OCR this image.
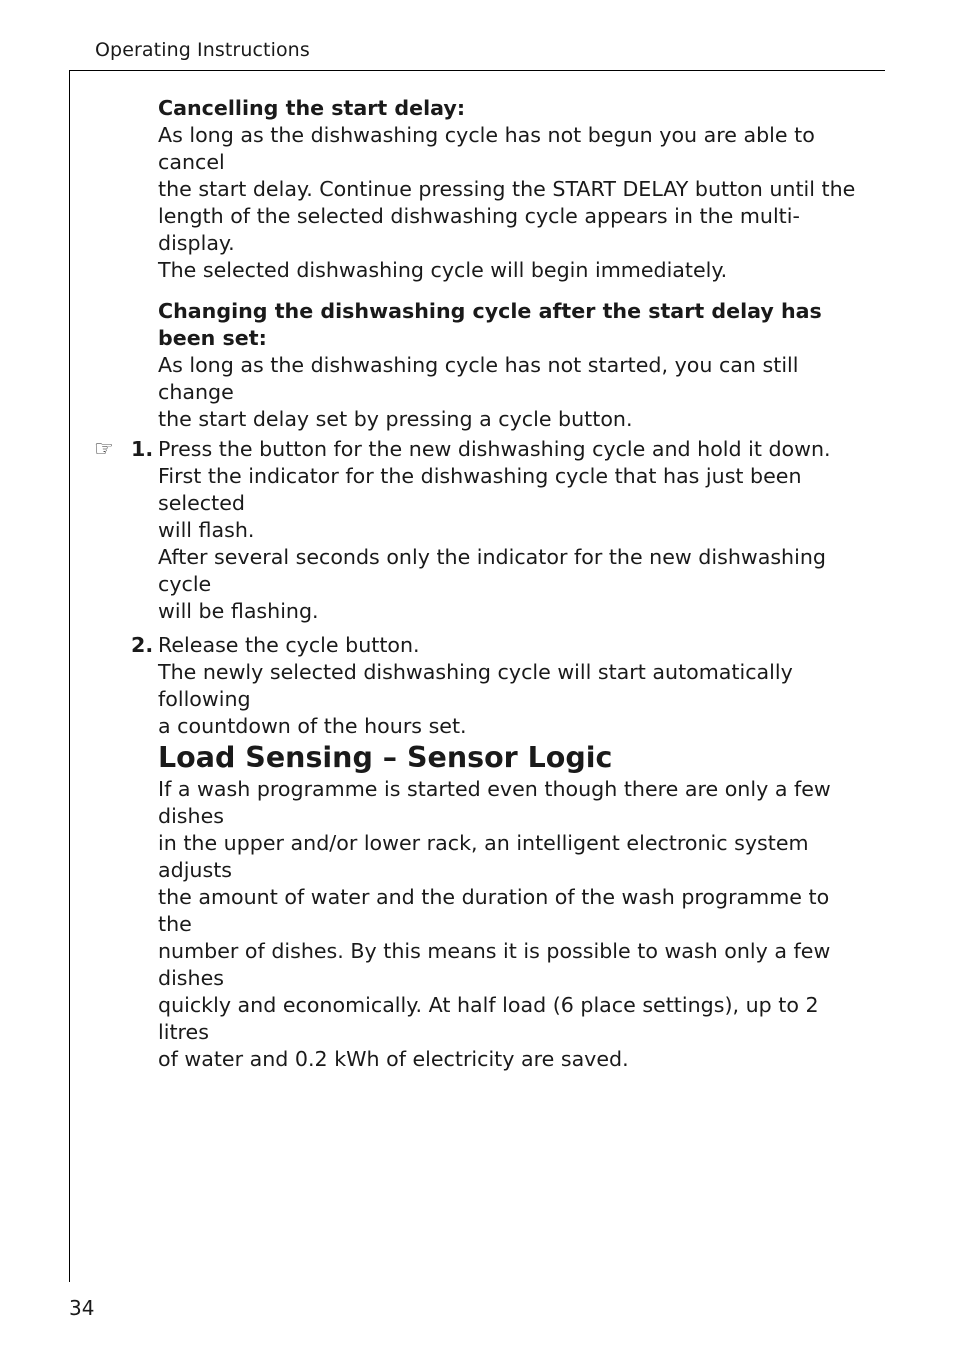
Operating Instructions

Cancelling the start delay:

As long as the dishwashing cycle has not begun you are able to cancel

the start delay. Continue pressing the START DELAY button until the

length of the selected dishwashing cycle appears in the multi-display.

The selected dishwashing cycle will begin immediately.

Changing the dishwashing cycle after the start delay has been set:

As long as the dishwashing cycle has not started, you can still change

the start delay set by pressing a cycle button.

☞ 1. Press the button for the new dishwashing cycle and hold it down.

First the indicator for the dishwashing cycle that has just been selected

will flash.

After several seconds only the indicator for the new dishwashing cycle

will be flashing.

2. Release the cycle button.

The newly selected dishwashing cycle will start automatically following

a countdown of the hours set.

Load Sensing – Sensor Logic

If a wash programme is started even though there are only a few dishes

in the upper and/or lower rack, an intelligent electronic system adjusts

the amount of water and the duration of the wash programme to the

number of dishes. By this means it is possible to wash only a few dishes

quickly and economically. At half load (6 place settings), up to 2 litres

of water and 0.2 kWh of electricity are saved.

34
